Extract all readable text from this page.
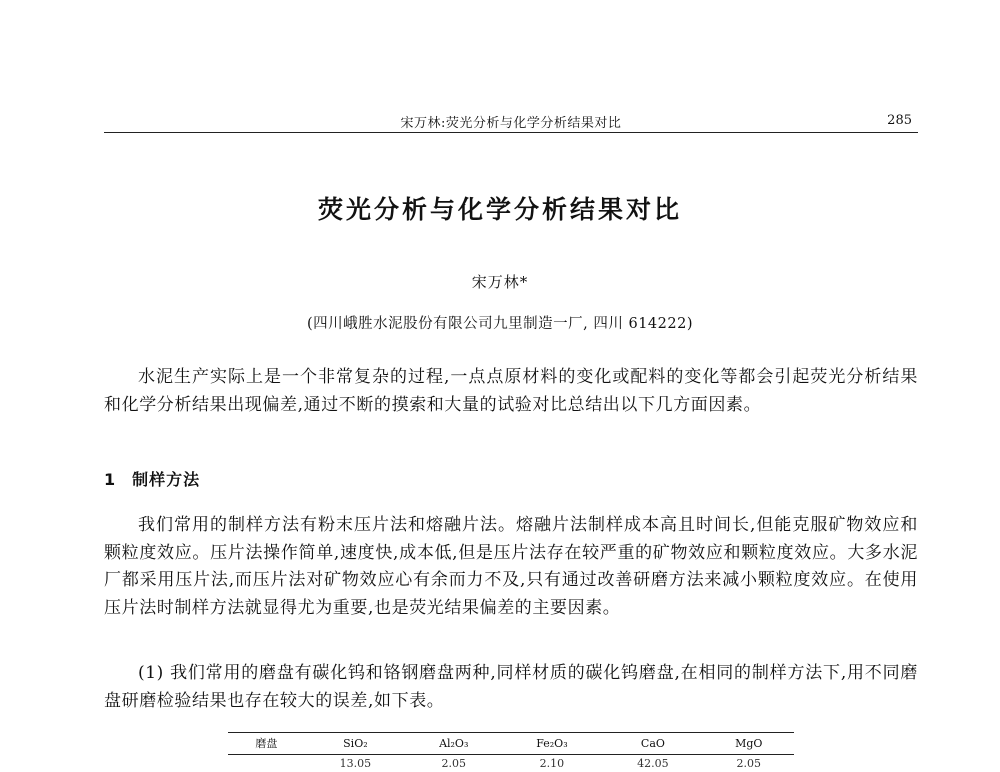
宋万林:荧光分析与化学分析结果对比	285
荧光分析与化学分析结果对比
宋万林*
(四川峨胜水泥股份有限公司九里制造一厂, 四川 614222)

水泥生产实际上是一个非常复杂的过程,一点点原材料的变化或配料的变化等都会引起荧光分析结果和化学分析结果出现偏差,通过不断的摸索和大量的试验对比总结出以下几方面因素。

1 制样方法

我们常用的制样方法有粉末压片法和熔融片法。熔融片法制样成本高且时间长,但能克服矿物效应和颗粒度效应。压片法操作简单,速度快,成本低,但是压片法存在较严重的矿物效应和颗粒度效应。大多水泥厂都采用压片法,而压片法对矿物效应心有余而力不及,只有通过改善研磨方法来减小颗粒度效应。在使用压片法时制样方法就显得尤为重要,也是荧光结果偏差的主要因素。

(1) 我们常用的磨盘有碳化钨和铬钢磨盘两种,同样材质的碳化钨磨盘,在相同的制样方法下,用不同磨盘研磨检验结果也存在较大的误差,如下表。

磨盘	SiO₂	Al₂O₃	Fe₂O₃	CaO	MgO
	13.05	2.05	2.10	42.05	2.05
